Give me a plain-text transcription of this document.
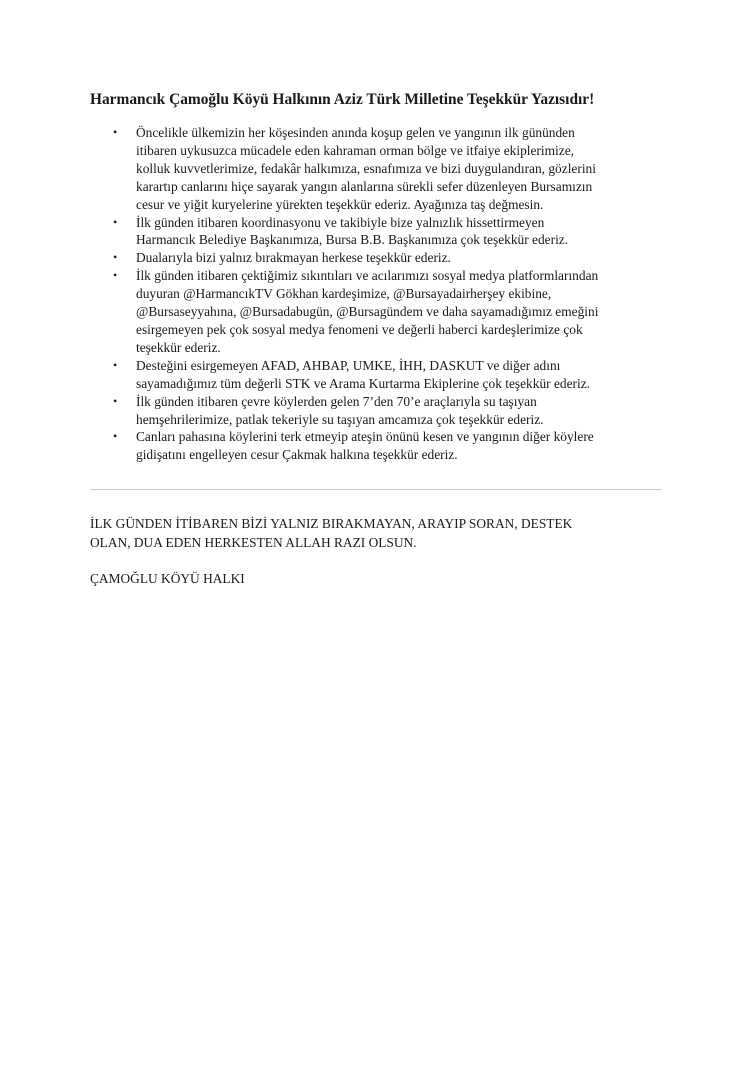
Harmancık Çamoğlu Köyü Halkının Aziz Türk Milletine Teşekkür Yazısıdır!
• Öncelikle ülkemizin her köşesinden anında koşup gelen ve yangının ilk gününden
itibaren uykusuzca mücadele eden kahraman orman bölge ve itfaiye ekiplerimize,
kolluk kuvvetlerimize, fedakâr halkımıza, esnafımıza ve bizi duygulandıran, gözlerini
karartıp canlarını hiçe sayarak yangın alanlarına sürekli sefer düzenleyen Bursamızın
cesur ve yiğit kuryelerine yürekten teşekkür ederiz. Ayağınıza taş değmesin.
• İlk günden itibaren koordinasyonu ve takibiyle bize yalnızlık hissettirmeyen
Harmancık Belediye Başkanımıza, Bursa B.B. Başkanımıza çok teşekkür ederiz.
• Dualarıyla bizi yalnız bırakmayan herkese teşekkür ederiz.
• İlk günden itibaren çektiğimiz sıkıntıları ve acılarımızı sosyal medya platformlarından
duyuran @HarmancıkTV Gökhan kardeşimize, @Bursayadairherşey ekibine,
@Bursaseyyahına, @Bursadabugün, @Bursagündem ve daha sayamadığımız emeğini
esirgemeyen pek çok sosyal medya fenomeni ve değerli haberci kardeşlerimize çok
teşekkür ederiz.
• Desteğini esirgemeyen AFAD, AHBAP, UMKE, İHH, DASKUT ve diğer adını
sayamadığımız tüm değerli STK ve Arama Kurtarma Ekiplerine çok teşekkür ederiz.
• İlk günden itibaren çevre köylerden gelen 7’den 70’e araçlarıyla su taşıyan
hemşehrilerimize, patlak tekeriyle su taşıyan amcamıza çok teşekkür ederiz.
• Canları pahasına köylerini terk etmeyip ateşin önünü kesen ve yangının diğer köylere
gidişatını engelleyen cesur Çakmak halkına teşekkür ederiz.

İLK GÜNDEN İTİBAREN BİZİ YALNIZ BIRAKMAYAN, ARAYIP SORAN, DESTEK
OLAN, DUA EDEN HERKESTEN ALLAH RAZI OLSUN.

ÇAMOĞLU KÖYÜ HALKI
